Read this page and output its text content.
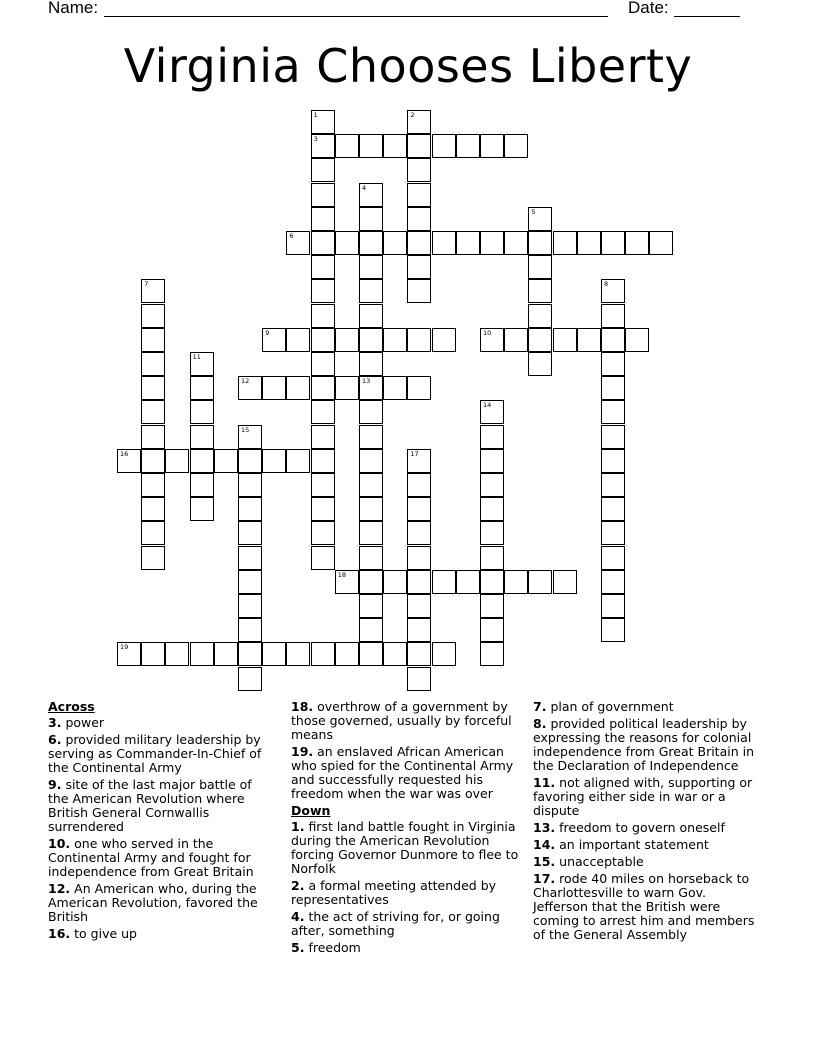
Name:	Date:
Virginia Chooses Liberty
1
3
2
4
13
5
6
7	8
9	10
11
12
14
15
16	17
18
19
Across
3. power
6. provided military leadership by serving as Commander-In-Chief of the Continental Army
9. site of the last major battle of the American Revolution where British General Cornwallis surrendered
10. one who served in the Continental Army and fought for independence from Great Britain
12. An American who, during the American Revolution, favored the British
16. to give up
18. overthrow of a government by those governed, usually by forceful means
19. an enslaved African American who spied for the Continental Army and successfully requested his freedom when the war was over
Down
1. first land battle fought in Virginia during the American Revolution forcing Governor Dunmore to flee to Norfolk
2. a formal meeting attended by representatives
4. the act of striving for, or going after, something
5. freedom
7. plan of government
8. provided political leadership by expressing the reasons for colonial independence from Great Britain in the Declaration of Independence
11. not aligned with, supporting or favoring either side in war or a dispute
13. freedom to govern oneself
14. an important statement
15. unacceptable
17. rode 40 miles on horseback to Charlottesville to warn Gov. Jefferson that the British were coming to arrest him and members of the General Assembly
